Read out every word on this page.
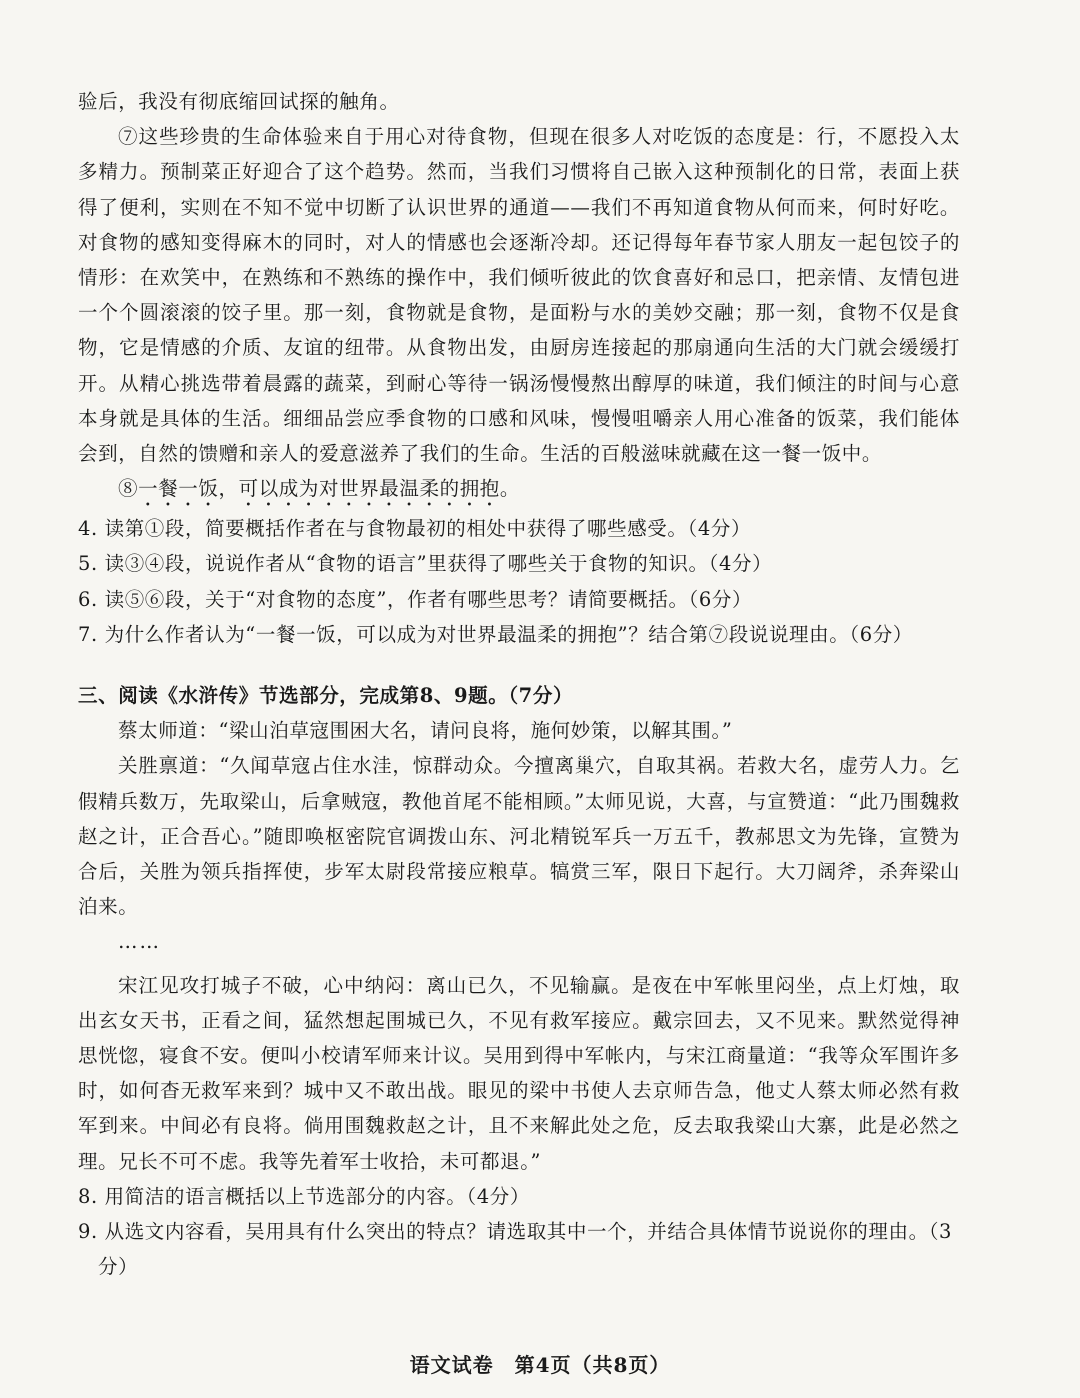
验后，我没有彻底缩回试探的触角。

⑦这些珍贵的生命体验来自于用心对待食物，但现在很多人对吃饭的态度是：行，不愿投入太多精力。预制菜正好迎合了这个趋势。然而，当我们习惯将自己嵌入这种预制化的日常，表面上获得了便利，实则在不知不觉中切断了认识世界的通道——我们不再知道食物从何而来，何时好吃。对食物的感知变得麻木的同时，对人的情感也会逐渐冷却。还记得每年春节家人朋友一起包饺子的情形：在欢笑中，在熟练和不熟练的操作中，我们倾听彼此的饮食喜好和忌口，把亲情、友情包进一个个圆滚滚的饺子里。那一刻，食物就是食物，是面粉与水的美妙交融；那一刻，食物不仅是食物，它是情感的介质、友谊的纽带。从食物出发，由厨房连接起的那扇通向生活的大门就会缓缓打开。从精心挑选带着晨露的蔬菜，到耐心等待一锅汤慢慢熬出醇厚的味道，我们倾注的时间与心意本身就是具体的生活。细细品尝应季食物的口感和风味，慢慢咀嚼亲人用心准备的饭菜，我们能体会到，自然的馈赠和亲人的爱意滋养了我们的生命。生活的百般滋味就藏在这一餐一饭中。

⑧一餐一饭，可以成为对世界最温柔的拥抱。

4. 读第①段，简要概括作者在与食物最初的相处中获得了哪些感受。（4分）

5. 读③④段，说说作者从“食物的语言”里获得了哪些关于食物的知识。（4分）

6. 读⑤⑥段，关于“对食物的态度”，作者有哪些思考？请简要概括。（6分）

7. 为什么作者认为“一餐一饭，可以成为对世界最温柔的拥抱”？结合第⑦段说说理由。（6分）

三、阅读《水浒传》节选部分，完成第8、9题。（7分）

蔡太师道：“梁山泊草寇围困大名，请问良将，施何妙策，以解其围。”

关胜禀道：“久闻草寇占住水洼，惊群动众。今擅离巢穴，自取其祸。若救大名，虚劳人力。乞假精兵数万，先取梁山，后拿贼寇，教他首尾不能相顾。”太师见说，大喜，与宣赞道：“此乃围魏救赵之计，正合吾心。”随即唤枢密院官调拨山东、河北精锐军兵一万五千，教郝思文为先锋，宣赞为合后，关胜为领兵指挥使，步军太尉段常接应粮草。犒赏三军，限日下起行。大刀阔斧，杀奔梁山泊来。

……

宋江见攻打城子不破，心中纳闷：离山已久，不见输赢。是夜在中军帐里闷坐，点上灯烛，取出玄女天书，正看之间，猛然想起围城已久，不见有救军接应。戴宗回去，又不见来。默然觉得神思恍惚，寝食不安。便叫小校请军师来计议。吴用到得中军帐内，与宋江商量道：“我等众军围许多时，如何杳无救军来到？城中又不敢出战。眼见的梁中书使人去京师告急，他丈人蔡太师必然有救军到来。中间必有良将。倘用围魏救赵之计，且不来解此处之危，反去取我梁山大寨，此是必然之理。兄长不可不虑。我等先着军士收拾，未可都退。”

8. 用简洁的语言概括以上节选部分的内容。（4分）

9. 从选文内容看，吴用具有什么突出的特点？请选取其中一个，并结合具体情节说说你的理由。（3分）

语文试卷　第4页（共8页）
